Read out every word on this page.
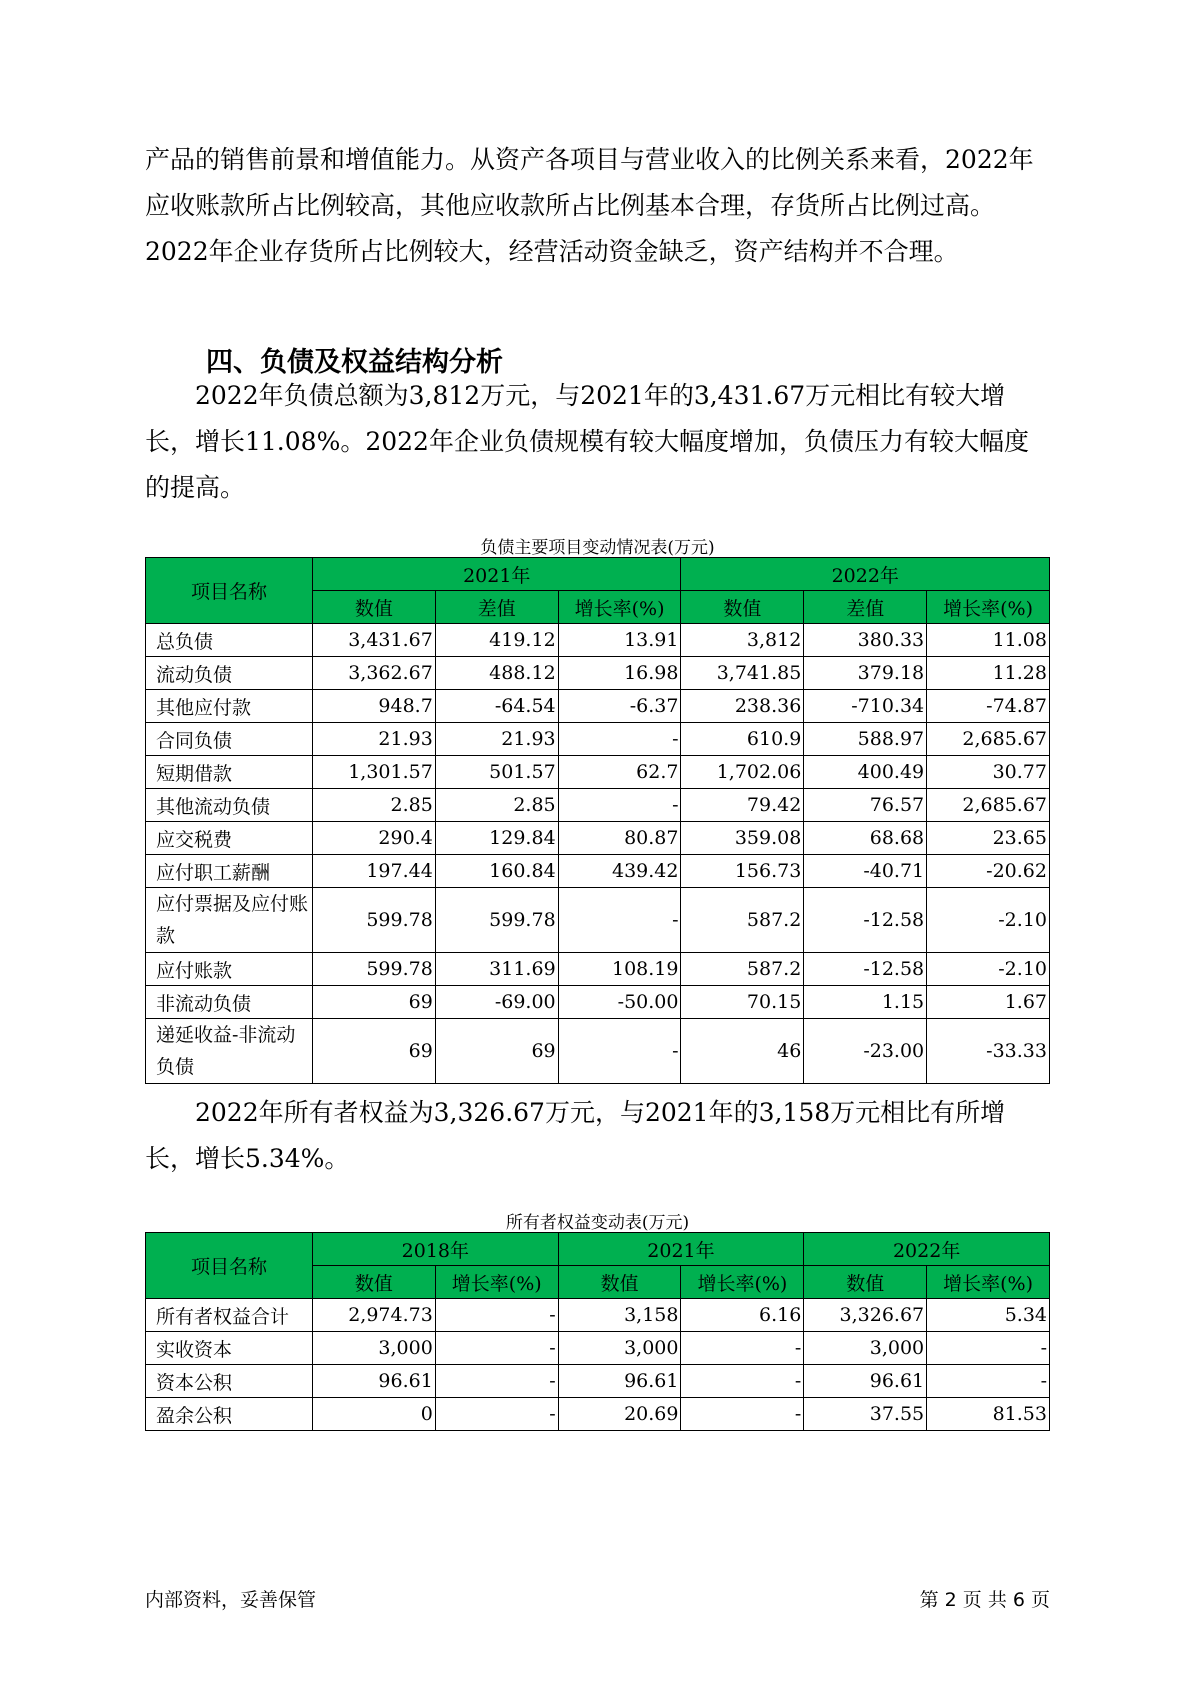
产品的销售前景和增值能力。从资产各项目与营业收入的比例关系来看，2022年应收账款所占比例较高，其他应收款所占比例基本合理，存货所占比例过高。2022年企业存货所占比例较大，经营活动资金缺乏，资产结构并不合理。

四、负债及权益结构分析

2022年负债总额为3,812万元，与2021年的3,431.67万元相比有较大增长，增长11.08%。2022年企业负债规模有较大幅度增加，负债压力有较大幅度的提高。

负债主要项目变动情况表(万元)
项目名称	2021年			2022年		
	数值	差值	增长率(%)	数值	差值	增长率(%)
总负债	3,431.67	419.12	13.91	3,812	380.33	11.08
流动负债	3,362.67	488.12	16.98	3,741.85	379.18	11.28
其他应付款	948.7	-64.54	-6.37	238.36	-710.34	-74.87
合同负债	21.93	21.93	-	610.9	588.97	2,685.67
短期借款	1,301.57	501.57	62.7	1,702.06	400.49	30.77
其他流动负债	2.85	2.85	-	79.42	76.57	2,685.67
应交税费	290.4	129.84	80.87	359.08	68.68	23.65
应付职工薪酬	197.44	160.84	439.42	156.73	-40.71	-20.62
应付票据及应付账款	599.78	599.78	-	587.2	-12.58	-2.10
应付账款	599.78	311.69	108.19	587.2	-12.58	-2.10
非流动负债	69	-69.00	-50.00	70.15	1.15	1.67
递延收益-非流动负债	69	69	-	46	-23.00	-33.33

2022年所有者权益为3,326.67万元，与2021年的3,158万元相比有所增长，增长5.34%。

所有者权益变动表(万元)
项目名称	2018年		2021年		2022年	
	数值	增长率(%)	数值	增长率(%)	数值	增长率(%)
所有者权益合计	2,974.73	-	3,158	6.16	3,326.67	5.34
实收资本	3,000	-	3,000	-	3,000	-
资本公积	96.61	-	96.61	-	96.61	-
盈余公积	0	-	20.69	-	37.55	81.53
内部资料，妥善保管	第 2 页 共 6 页
